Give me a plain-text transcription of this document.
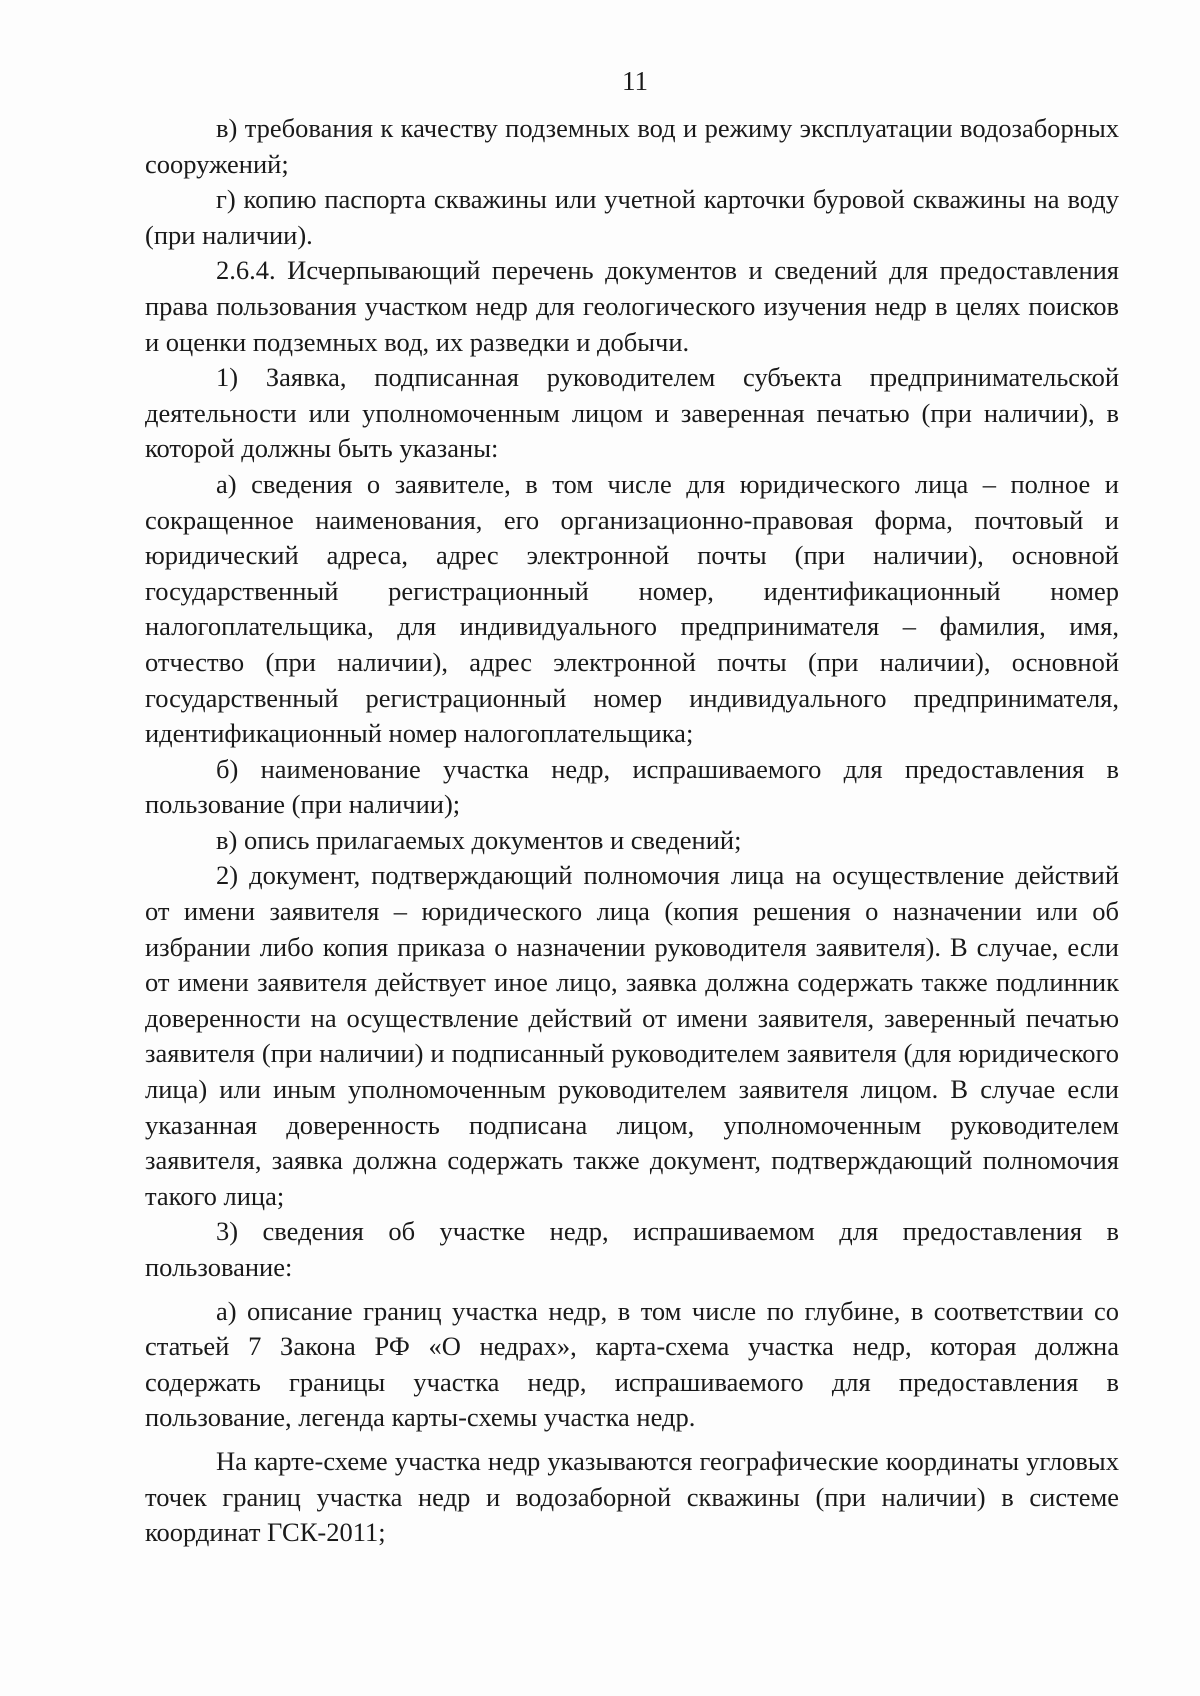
11

в) требования к качеству подземных вод и режиму эксплуатации водозаборных сооружений;

г) копию паспорта скважины или учетной карточки буровой скважины на воду (при наличии).

2.6.4. Исчерпывающий перечень документов и сведений для предоставления права пользования участком недр для геологического изучения недр в целях поисков и оценки подземных вод, их разведки и добычи.

1) Заявка, подписанная руководителем субъекта предпринимательской деятельности или уполномоченным лицом и заверенная печатью (при наличии), в которой должны быть указаны:

а) сведения о заявителе, в том числе для юридического лица – полное и сокращенное наименования, его организационно-правовая форма, почтовый и юридический адреса, адрес электронной почты (при наличии), основной государственный регистрационный номер, идентификационный номер налогоплательщика, для индивидуального предпринимателя – фамилия, имя, отчество (при наличии), адрес электронной почты (при наличии), основной государственный регистрационный номер индивидуального предпринимателя, идентификационный номер налогоплательщика;

б) наименование участка недр, испрашиваемого для предоставления в пользование (при наличии);

в) опись прилагаемых документов и сведений;

2) документ, подтверждающий полномочия лица на осуществление действий от имени заявителя – юридического лица (копия решения о назначении или об избрании либо копия приказа о назначении руководителя заявителя). В случае, если от имени заявителя действует иное лицо, заявка должна содержать также подлинник доверенности на осуществление действий от имени заявителя, заверенный печатью заявителя (при наличии) и подписанный руководителем заявителя (для юридического лица) или иным уполномоченным руководителем заявителя лицом. В случае если указанная доверенность подписана лицом, уполномоченным руководителем заявителя, заявка должна содержать также документ, подтверждающий полномочия такого лица;

3) сведения об участке недр, испрашиваемом для предоставления в пользование:

а) описание границ участка недр, в том числе по глубине, в соответствии со статьей 7 Закона РФ «О недрах», карта-схема участка недр, которая должна содержать границы участка недр, испрашиваемого для предоставления в пользование, легенда карты-схемы участка недр.

На карте-схеме участка недр указываются географические координаты угловых точек границ участка недр и водозаборной скважины (при наличии) в системе координат ГСК-2011;
